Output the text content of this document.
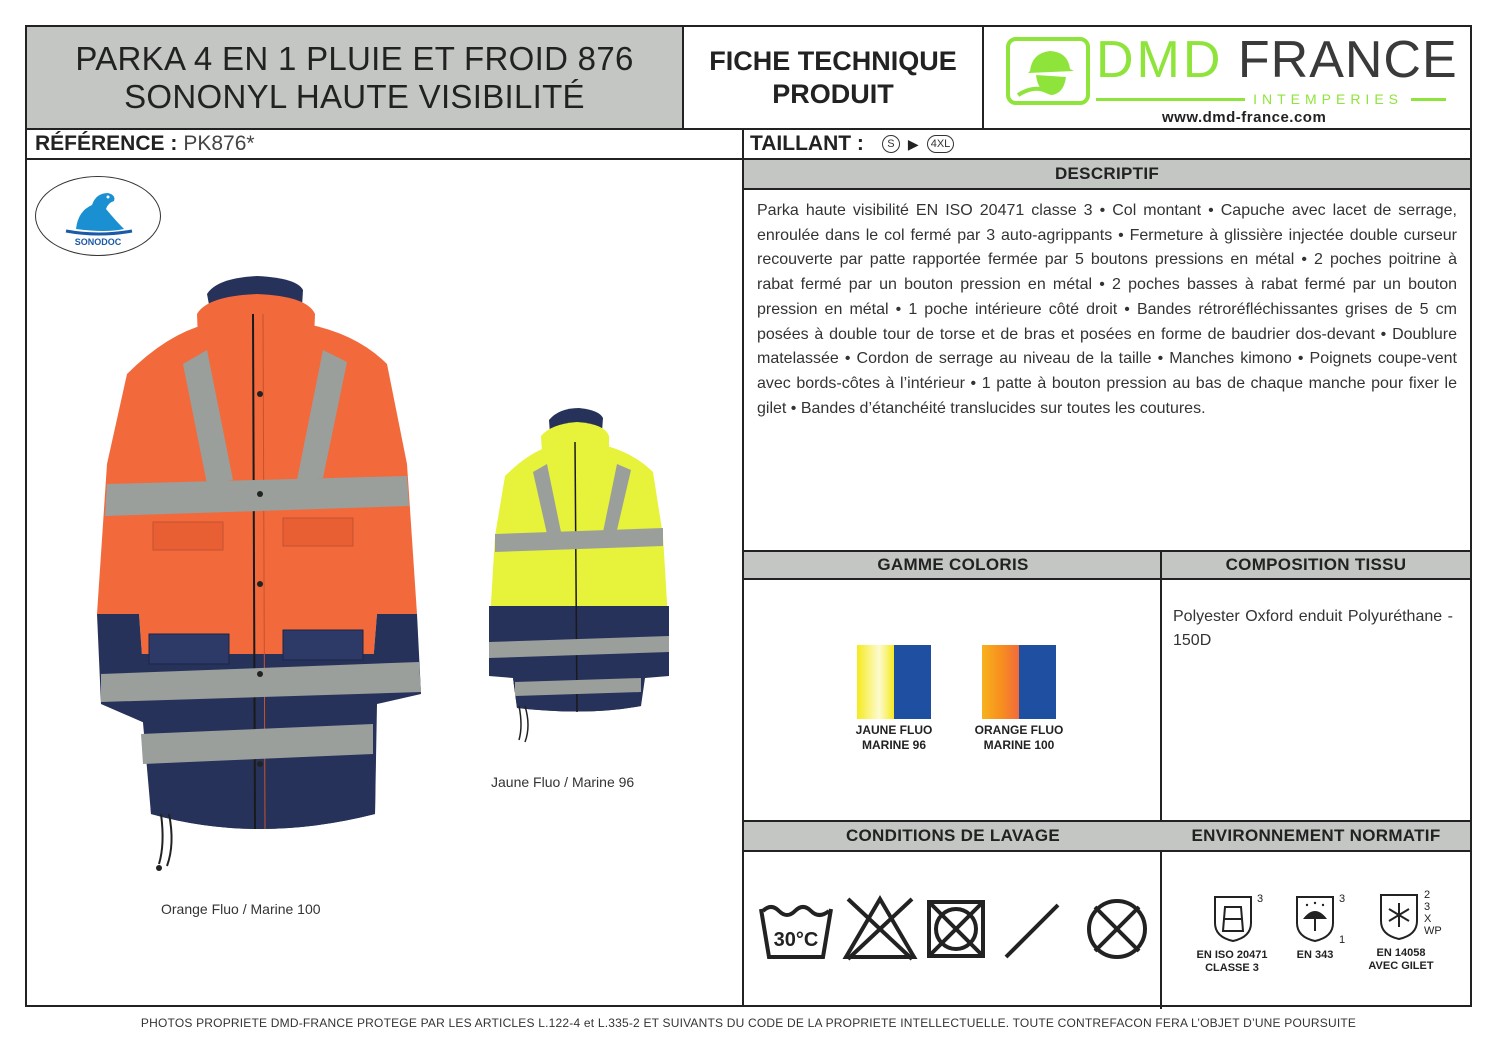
PARKA 4 EN 1 PLUIE ET FROID 876
SONONYL HAUTE VISIBILITÉ
FICHE TECHNIQUE
PRODUIT
DMD FRANCE
INTEMPERIES
www.dmd-france.com
RÉFÉRENCE : PK876*	TAILLANT :	S ▶	4XL
SONODOC
Orange Fluo / Marine 100
Jaune Fluo / Marine 96
DESCRIPTIF
Parka haute visibilité EN ISO 20471 classe 3 • Col montant • Capuche avec lacet de serrage, enroulée dans le col fermé par 3 auto-agrippants • Fermeture à glissière injectée double curseur recouverte par patte rapportée fermée par 5 boutons pressions en métal • 2 poches poitrine à rabat fermé par un bouton pression en métal • 2 poches basses à rabat fermé par un bouton pression en métal • 1 poche intérieure côté droit • Bandes rétroréfléchissantes grises de 5 cm posées à double tour de torse et de bras et posées en forme de baudrier dos-devant • Doublure matelassée • Cordon de serrage au niveau de la taille • Manches kimono • Poignets coupe-vent avec bords-côtes à l’intérieur • 1 patte à bouton pression au bas de chaque manche pour fixer le gilet • Bandes d’étanchéité translucides sur toutes les coutures.
GAMME COLORIS	COMPOSITION TISSU
JAUNE FLUO
MARINE 96
ORANGE FLUO
MARINE 100
Polyester Oxford enduit Polyuréthane - 150D
CONDITIONS DE LAVAGE	ENVIRONNEMENT NORMATIF
30°C
3
EN ISO 20471
CLASSE 3
3
1
EN 343
2
3
X
WP
EN 14058
AVEC GILET
PHOTOS PROPRIETE DMD-FRANCE PROTEGE PAR LES ARTICLES L.122-4 et L.335-2 ET SUIVANTS DU CODE DE LA PROPRIETE INTELLECTUELLE. TOUTE CONTREFACON FERA L’OBJET D’UNE POURSUITE
